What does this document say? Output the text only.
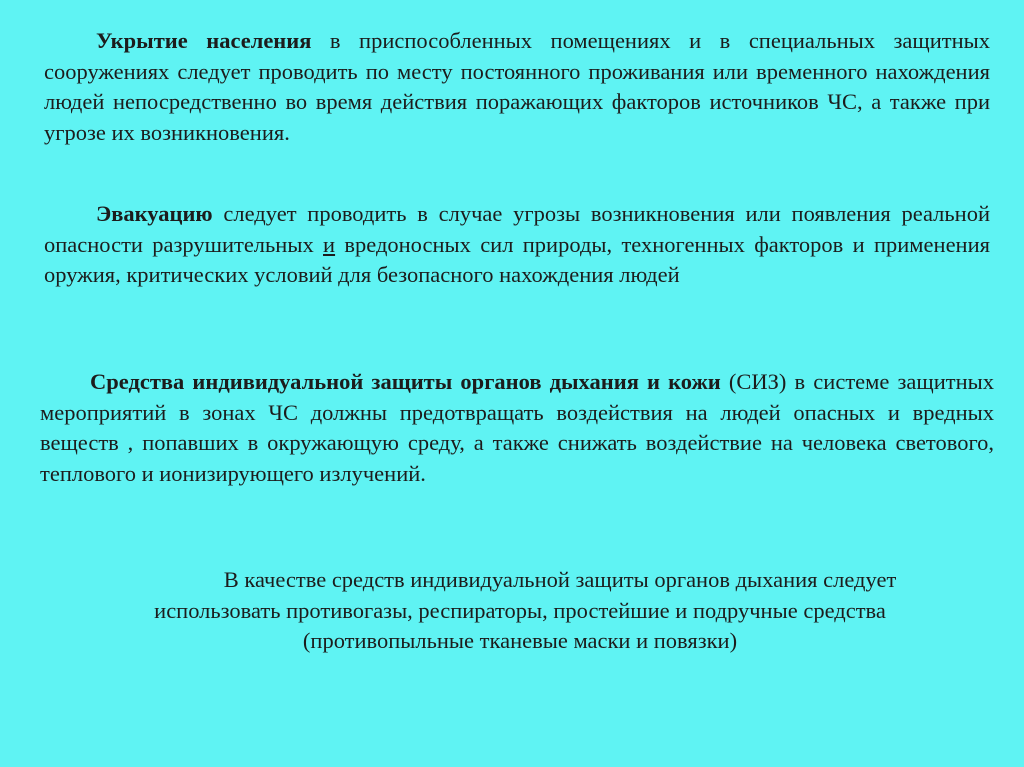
Укрытие населения в приспособленных помещениях и в специальных защитных сооружениях следует проводить по месту постоянного проживания или временного нахождения людей непосредственно во время действия поражающих факторов источников ЧС, а также при угрозе их возникновения.

Эвакуацию следует проводить в случае угрозы возникновения или появления реальной опасности разрушительных и вредоносных сил природы, техногенных факторов и применения оружия, критических условий для безопасного нахождения людей

Средства индивидуальной защиты органов дыхания и кожи (СИЗ) в системе защитных мероприятий в зонах ЧС должны предотвращать воздействия на людей опасных и вредных веществ , попавших в окружающую среду, а также снижать воздействие на человека светового, теплового и ионизирующего излучений.

В качестве средств индивидуальной защиты органов дыхания следует
использовать противогазы, респираторы, простейшие и подручные средства
(противопыльные тканевые маски и повязки)
